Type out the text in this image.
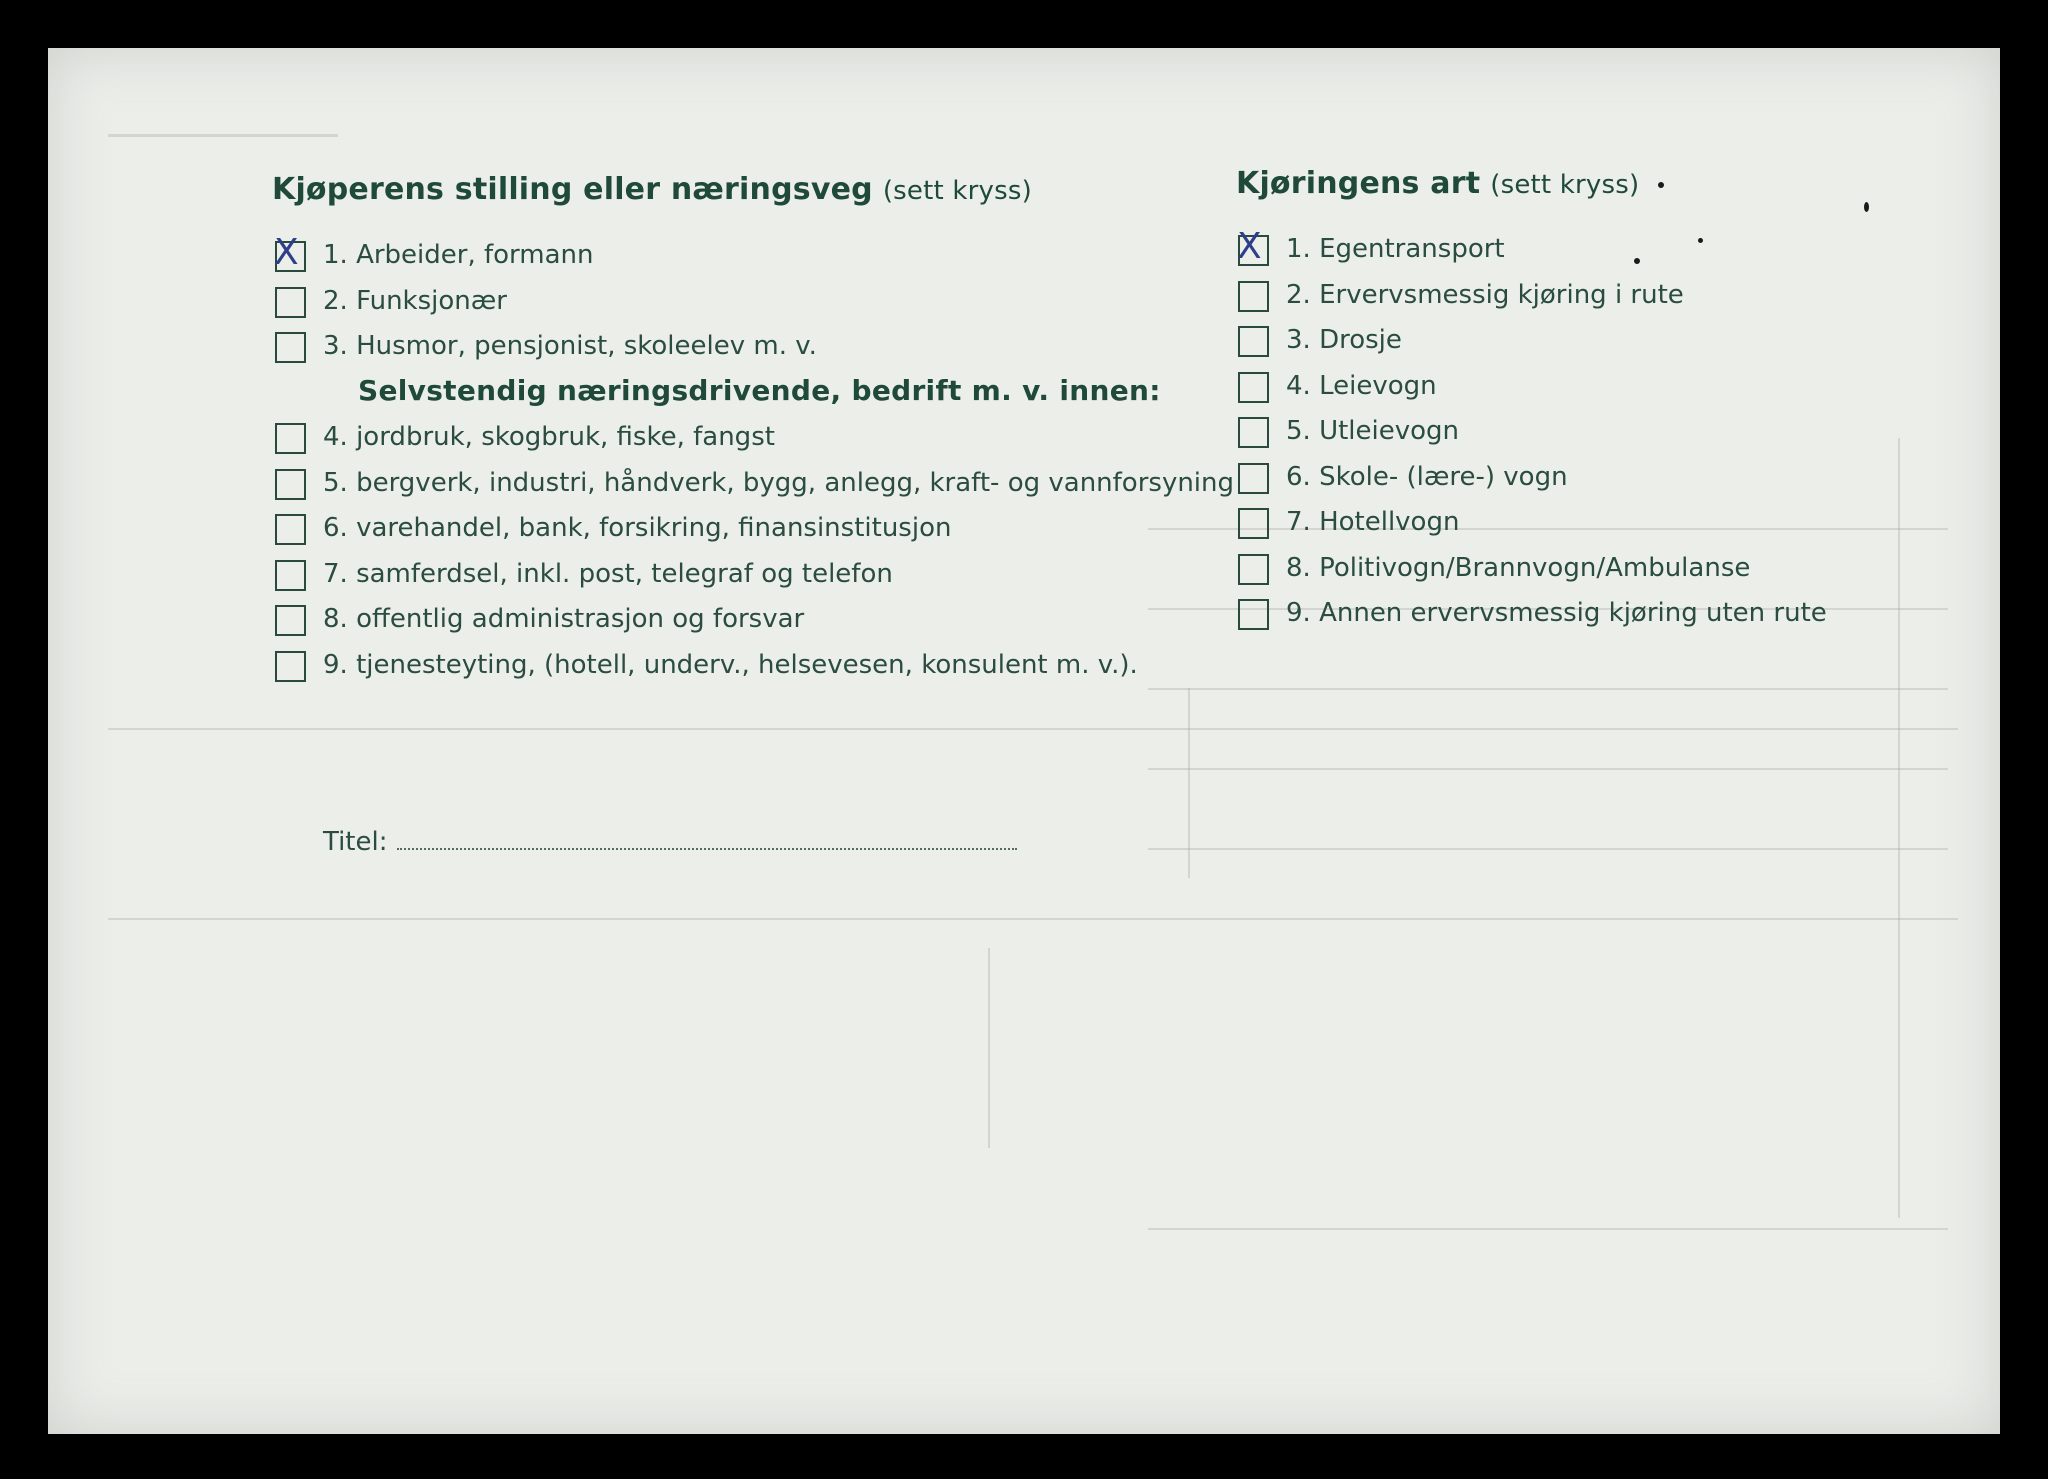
Kjøperens stilling eller næringsveg (sett kryss)
X 1. Arbeider, formann
2. Funksjonær
3. Husmor, pensjonist, skoleelev m. v.
Selvstendig næringsdrivende, bedrift m. v. innen:
4. jordbruk, skogbruk, fiske, fangst
5. bergverk, industri, håndverk, bygg, anlegg, kraft- og vannforsyning
6. varehandel, bank, forsikring, finansinstitusjon
7. samferdsel, inkl. post, telegraf og telefon
8. offentlig administrasjon og forsvar
9. tjenesteyting, (hotell, underv., helsevesen, konsulent m. v.).
Titel:
Kjøringens art (sett kryss)
X 1. Egentransport
2. Ervervsmessig kjøring i rute
3. Drosje
4. Leievogn
5. Utleievogn
6. Skole- (lære-) vogn
7. Hotellvogn
8. Politivogn/Brannvogn/Ambulanse
9. Annen ervervsmessig kjøring uten rute
